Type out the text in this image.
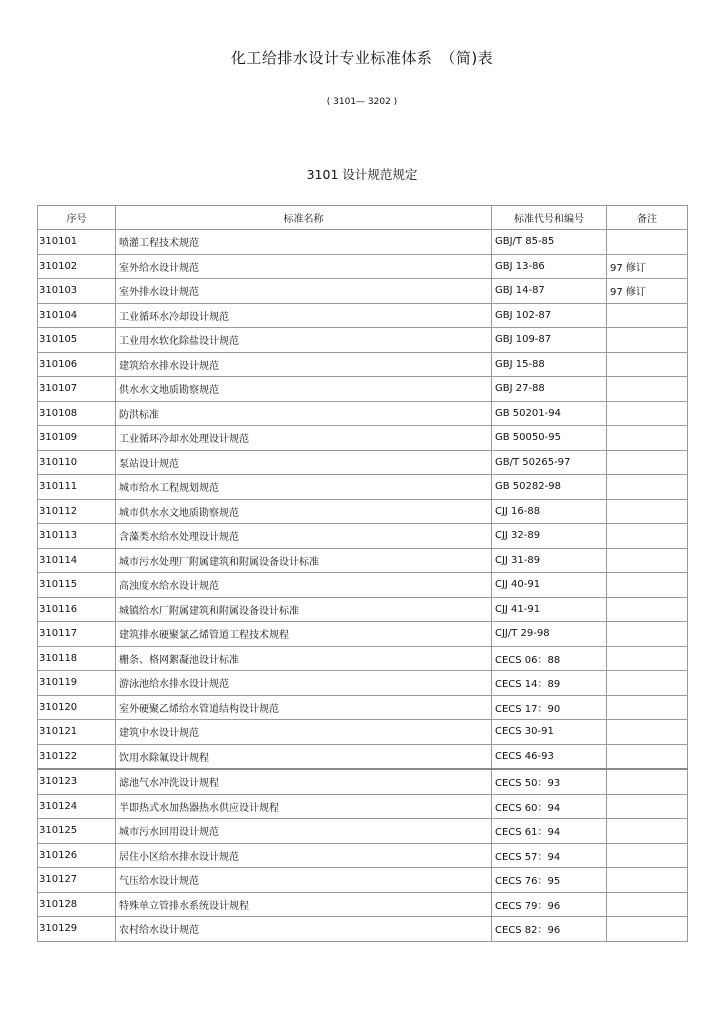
化工给排水设计专业标准体系　（简)表
( 3101— 3202 )
3101 设计规范规定
序号	标准名称	标准代号和编号	备注
310101	喷灌工程技术规范	GBJ/T 85-85	
310102	室外给水设计规范	GBJ 13-86	97 修订
310103	室外排水设计规范	GBJ 14-87	97 修订
310104	工业循环水冷却设计规范	GBJ 102-87	
310105	工业用水软化除盐设计规范	GBJ 109-87	
310106	建筑给水排水设计规范	GBJ 15-88	
310107	供水水文地质勘察规范	GBJ 27-88	
310108	防洪标准	GB 50201-94	
310109	工业循环冷却水处理设计规范	GB 50050-95	
310110	泵站设计规范	GB/T 50265-97	
310111	城市给水工程规划规范	GB 50282-98	
310112	城市供水水文地质勘察规范	CJJ 16-88	
310113	含藻类水给水处理设计规范	CJJ 32-89	
310114	城市污水处理厂附属建筑和附属设备设计标准	CJJ 31-89	
310115	高浊度水给水设计规范	CJJ 40-91	
310116	城镇给水厂附属建筑和附属设备设计标准	CJJ 41-91	
310117	建筑排水硬聚氯乙烯管道工程技术规程	CJJ/T 29-98	
310118	栅条、格网絮凝池设计标准	CECS 06：88	
310119	游泳池给水排水设计规范	CECS 14：89	
310120	室外硬聚乙烯给水管道结构设计规范	CECS 17：90	
310121	建筑中水设计规范	CECS 30-91	
310122	饮用水除氟设计规程	CECS 46-93	
310123	滤池气水冲洗设计规程	CECS 50：93	
310124	半即热式水加热器热水供应设计规程	CECS 60：94	
310125	城市污水回用设计规范	CECS 61：94	
310126	居住小区给水排水设计规范	CECS 57：94	
310127	气压给水设计规范	CECS 76：95	
310128	特殊单立管排水系统设计规程	CECS 79：96	
310129	农村给水设计规范	CECS 82：96	
